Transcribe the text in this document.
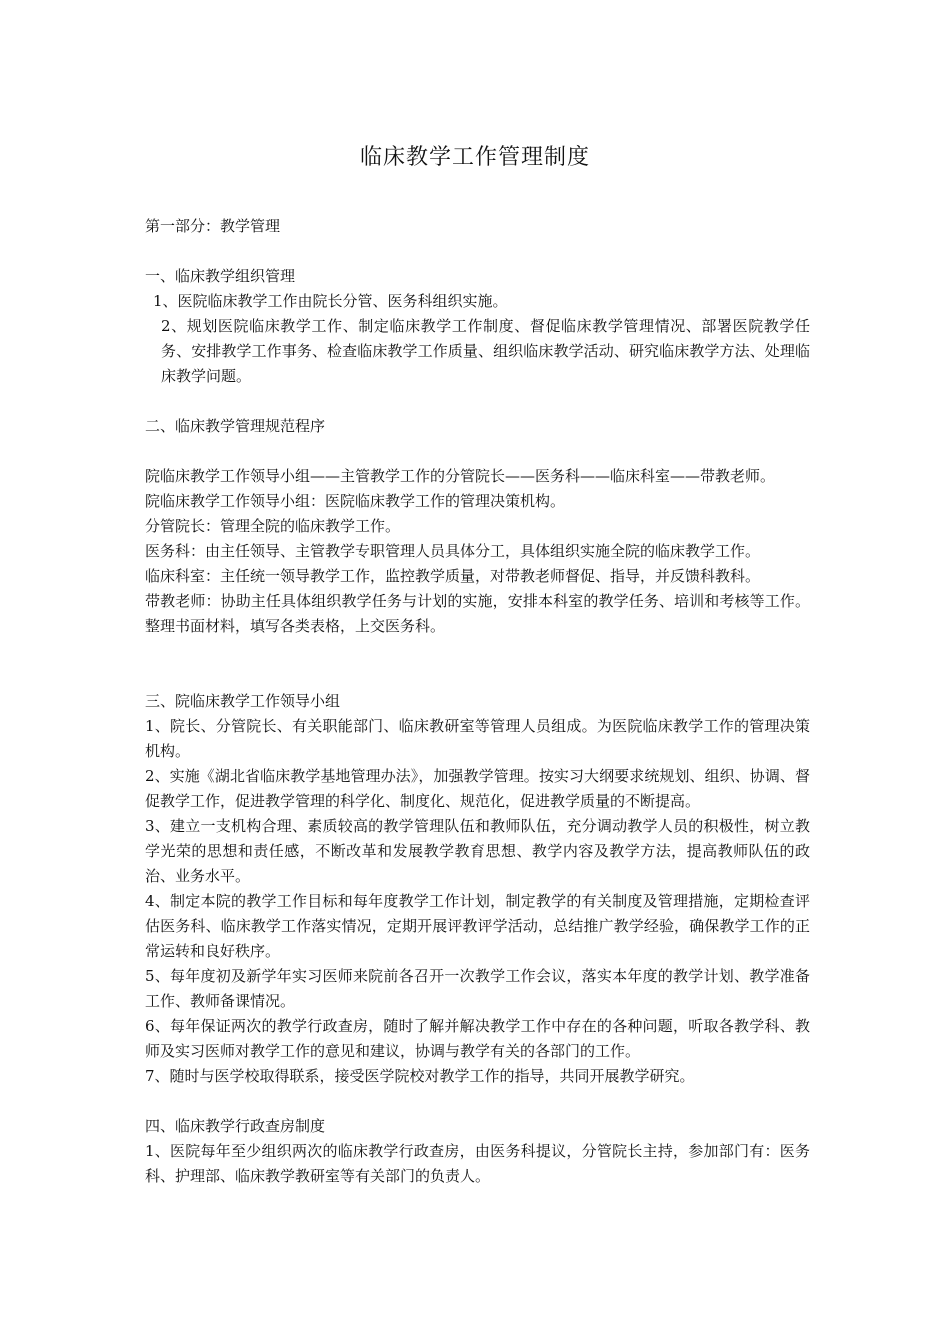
临床教学工作管理制度

第一部分：教学管理

一、临床教学组织管理

1、医院临床教学工作由院长分管、医务科组织实施。

2、规划医院临床教学工作、制定临床教学工作制度、督促临床教学管理情况、部署医院教学任务、安排教学工作事务、检查临床教学工作质量、组织临床教学活动、研究临床教学方法、处理临床教学问题。

二、临床教学管理规范程序

院临床教学工作领导小组——主管教学工作的分管院长——医务科——临床科室——带教老师。

院临床教学工作领导小组：医院临床教学工作的管理决策机构。

分管院长：管理全院的临床教学工作。

医务科：由主任领导、主管教学专职管理人员具体分工，具体组织实施全院的临床教学工作。

临床科室：主任统一领导教学工作，监控教学质量，对带教老师督促、指导，并反馈科教科。

带教老师：协助主任具体组织教学任务与计划的实施，安排本科室的教学任务、培训和考核等工作。整理书面材料，填写各类表格，上交医务科。

三、院临床教学工作领导小组

1、院长、分管院长、有关职能部门、临床教研室等管理人员组成。为医院临床教学工作的管理决策机构。

2、实施《湖北省临床教学基地管理办法》，加强教学管理。按实习大纲要求统规划、组织、协调、督促教学工作，促进教学管理的科学化、制度化、规范化，促进教学质量的不断提高。

3、建立一支机构合理、素质较高的教学管理队伍和教师队伍，充分调动教学人员的积极性，树立教学光荣的思想和责任感，不断改革和发展教学教育思想、教学内容及教学方法，提高教师队伍的政治、业务水平。

4、制定本院的教学工作目标和每年度教学工作计划，制定教学的有关制度及管理措施，定期检查评估医务科、临床教学工作落实情况，定期开展评教评学活动，总结推广教学经验，确保教学工作的正常运转和良好秩序。

5、每年度初及新学年实习医师来院前各召开一次教学工作会议，落实本年度的教学计划、教学准备工作、教师备课情况。

6、每年保证两次的教学行政查房，随时了解并解决教学工作中存在的各种问题，听取各教学科、教师及实习医师对教学工作的意见和建议，协调与教学有关的各部门的工作。

7、随时与医学校取得联系，接受医学院校对教学工作的指导，共同开展教学研究。

四、临床教学行政查房制度

1、医院每年至少组织两次的临床教学行政查房，由医务科提议，分管院长主持，参加部门有：医务科、护理部、临床教学教研室等有关部门的负责人。
